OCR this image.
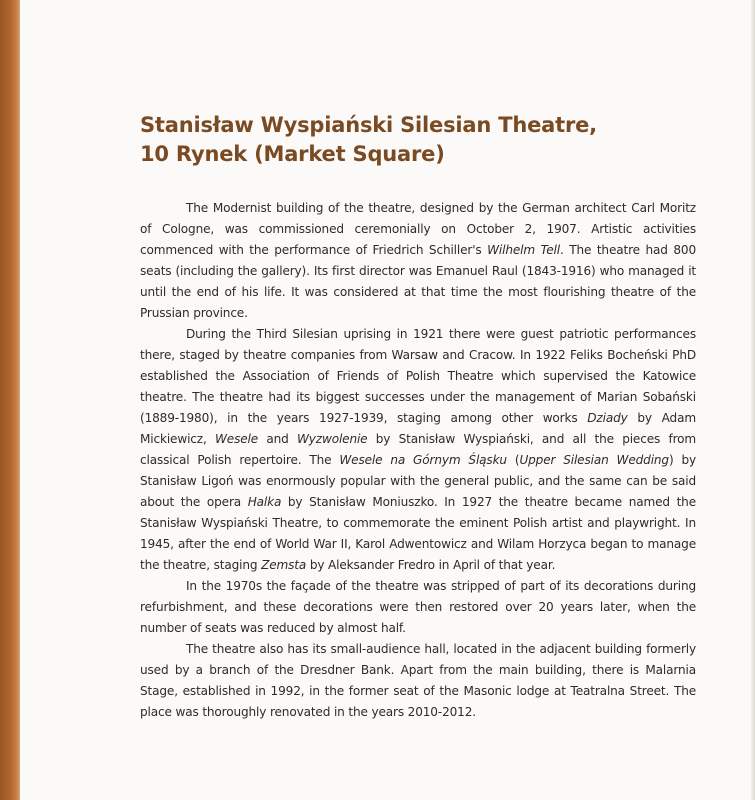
Stanisław Wyspiański Silesian Theatre,
10 Rynek (Market Square)

The Modernist building of the theatre, designed by the German architect Carl Moritz of Cologne, was commissioned ceremonially on October 2, 1907. Artistic activities commenced with the performance of Friedrich Schiller's Wilhelm Tell. The theatre had 800 seats (including the gallery). Its first director was Emanuel Raul (1843-1916) who managed it until the end of his life. It was considered at that time the most flourishing theatre of the Prussian province.

During the Third Silesian uprising in 1921 there were guest patriotic performances there, staged by theatre companies from Warsaw and Cracow. In 1922 Feliks Bocheński PhD established the Association of Friends of Polish Theatre which supervised the Katowice theatre. The theatre had its biggest successes under the management of Marian Sobański (1889-1980), in the years 1927-1939, staging among other works Dziady by Adam Mickiewicz, Wesele and Wyzwolenie by Stanisław Wyspiański, and all the pieces from classical Polish repertoire. The Wesele na Górnym Śląsku (Upper Silesian Wedding) by Stanisław Ligoń was enormously popular with the general public, and the same can be said about the opera Halka by Stanisław Moniuszko. In 1927 the theatre became named the Stanisław Wyspiański Theatre, to commemorate the eminent Polish artist and playwright. In 1945, after the end of World War II, Karol Adwentowicz and Wilam Horzyca began to manage the theatre, staging Zemsta by Aleksander Fredro in April of that year.

In the 1970s the façade of the theatre was stripped of part of its decorations during refurbishment, and these decorations were then restored over 20 years later, when the number of seats was reduced by almost half.

The theatre also has its small-audience hall, located in the adjacent building formerly used by a branch of the Dresdner Bank. Apart from the main building, there is Malarnia Stage, established in 1992, in the former seat of the Masonic lodge at Teatralna Street. The place was thoroughly renovated in the years 2010-2012.
